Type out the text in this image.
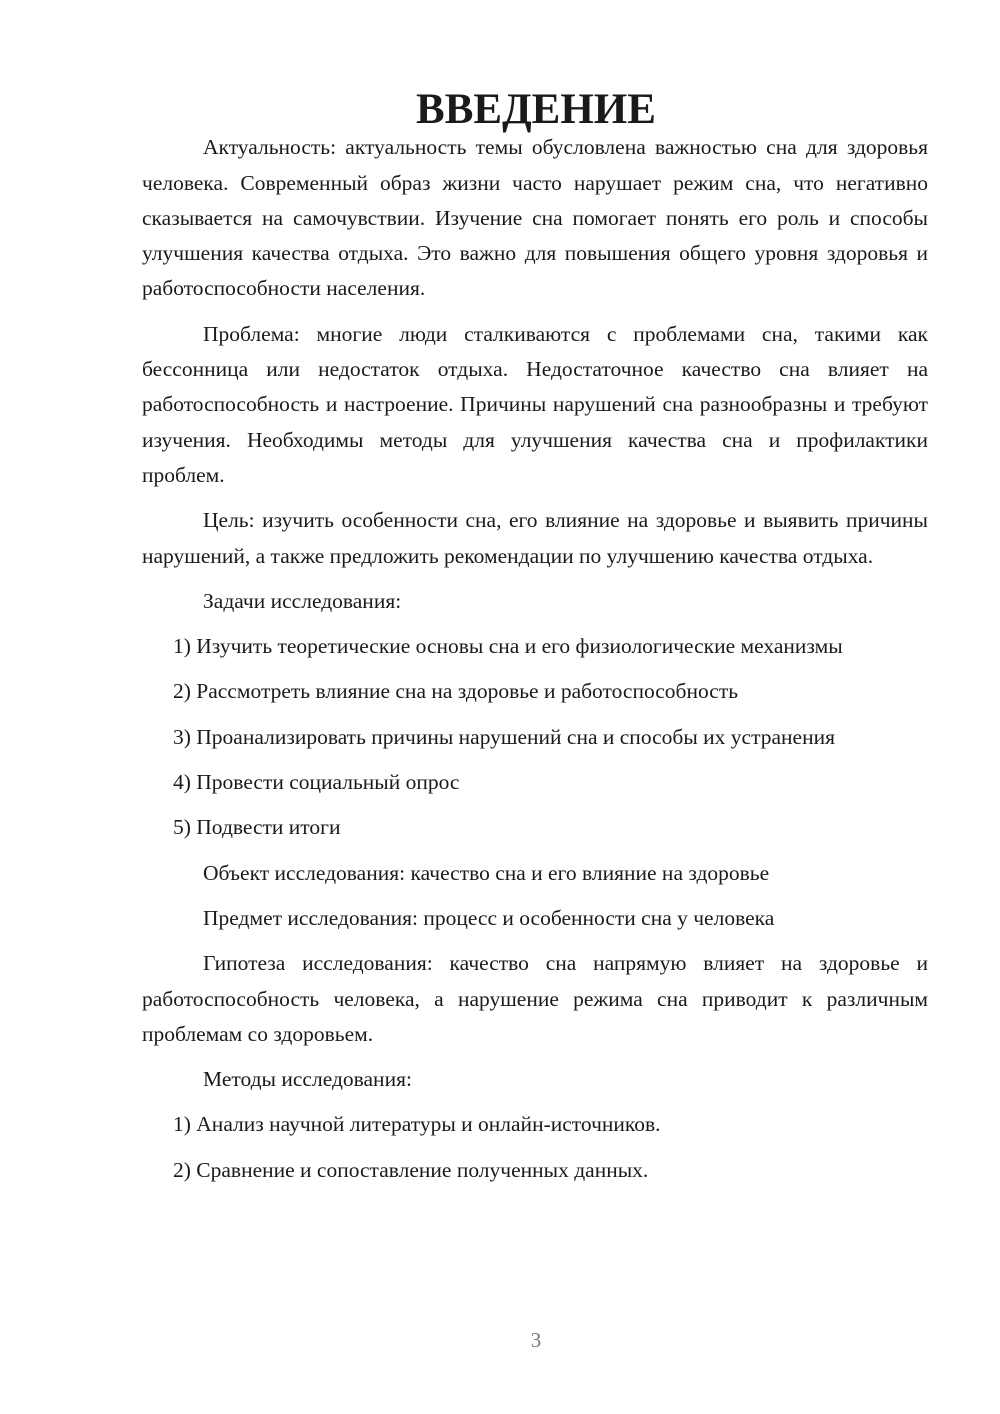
ВВЕДЕНИЕ

Актуальность: актуальность темы обусловлена важностью сна для здоровья человека. Современный образ жизни часто нарушает режим сна, что негативно сказывается на самочувствии. Изучение сна помогает понять его роль и способы улучшения качества отдыха. Это важно для повышения общего уровня здоровья и работоспособности населения.

Проблема: многие люди сталкиваются с проблемами сна, такими как бессонница или недостаток отдыха. Недостаточное качество сна влияет на работоспособность и настроение. Причины нарушений сна разнообразны и требуют изучения. Необходимы методы для улучшения качества сна и профилактики проблем.

Цель: изучить особенности сна, его влияние на здоровье и выявить причины нарушений, а также предложить рекомендации по улучшению качества отдыха.

Задачи исследования:

1) Изучить теоретические основы сна и его физиологические механизмы

2) Рассмотреть влияние сна на здоровье и работоспособность

3) Проанализировать причины нарушений сна и способы их устранения

4) Провести социальный опрос

5) Подвести итоги

Объект исследования: качество сна и его влияние на здоровье

Предмет исследования: процесс и особенности сна у человека

Гипотеза исследования: качество сна напрямую влияет на здоровье и работоспособность человека, а нарушение режима сна приводит к различным проблемам со здоровьем.

Методы исследования:

1) Анализ научной литературы и онлайн-источников.

2) Сравнение и сопоставление полученных данных.

3
